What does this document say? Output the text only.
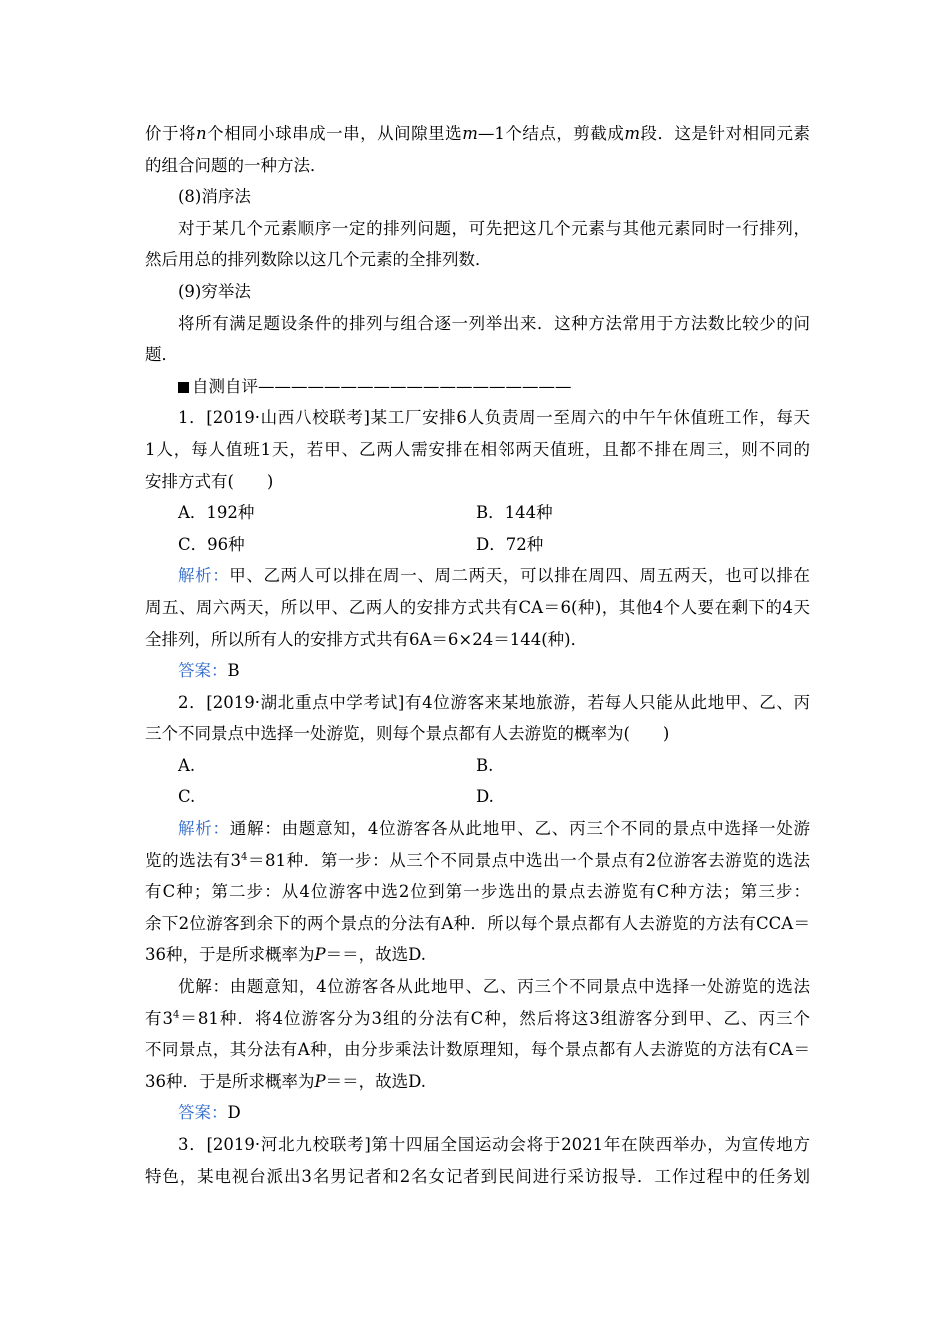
价于将n个相同小球串成一串，从间隙里选m—1个结点，剪截成m段．这是针对相同元素

的组合问题的一种方法．

(8)消序法

对于某几个元素顺序一定的排列问题，可先把这几个元素与其他元素同时一行排列，

然后用总的排列数除以这几个元素的全排列数．

(9)穷举法

将所有满足题设条件的排列与组合逐一列举出来．这种方法常用于方法数比较少的问

题．

自测自评———————————————————

1．[2019·山西八校联考]某工厂安排6人负责周一至周六的中午午休值班工作，每天

1人，每人值班1天，若甲、乙两人需安排在相邻两天值班，且都不排在周三，则不同的

安排方式有(　　)

A．192种	B．144种
C．96种	D．72种

解析：甲、乙两人可以排在周一、周二两天，可以排在周四、周五两天，也可以排在

周五、周六两天，所以甲、乙两人的安排方式共有CA＝6(种)，其他4个人要在剩下的4天

全排列，所以所有人的安排方式共有6A＝6×24＝144(种)．

答案：B

2．[2019·湖北重点中学考试]有4位游客来某地旅游，若每人只能从此地甲、乙、丙

三个不同景点中选择一处游览，则每个景点都有人去游览的概率为(　　)

A.	B.
C.	D.

解析：通解：由题意知，4位游客各从此地甲、乙、丙三个不同的景点中选择一处游

览的选法有$3^4=81$种．第一步：从三个不同景点中选出一个景点有2位游客去游览的选法

有C种；第二步：从4位游客中选2位到第一步选出的景点去游览有C种方法；第三步：

余下2位游客到余下的两个景点的分法有A种．所以每个景点都有人去游览的方法有CCA＝

36种，于是所求概率为P＝＝，故选D.

优解：由题意知，4位游客各从此地甲、乙、丙三个不同景点中选择一处游览的选法

有$3^4=81$种．将4位游客分为3组的分法有C种，然后将这3组游客分到甲、乙、丙三个

不同景点，其分法有A种，由分步乘法计数原理知，每个景点都有人去游览的方法有CA＝

36种．于是所求概率为P＝＝，故选D.

答案：D

3．[2019·河北九校联考]第十四届全国运动会将于2021年在陕西举办，为宣传地方

特色，某电视台派出3名男记者和2名女记者到民间进行采访报导．工作过程中的任务划
